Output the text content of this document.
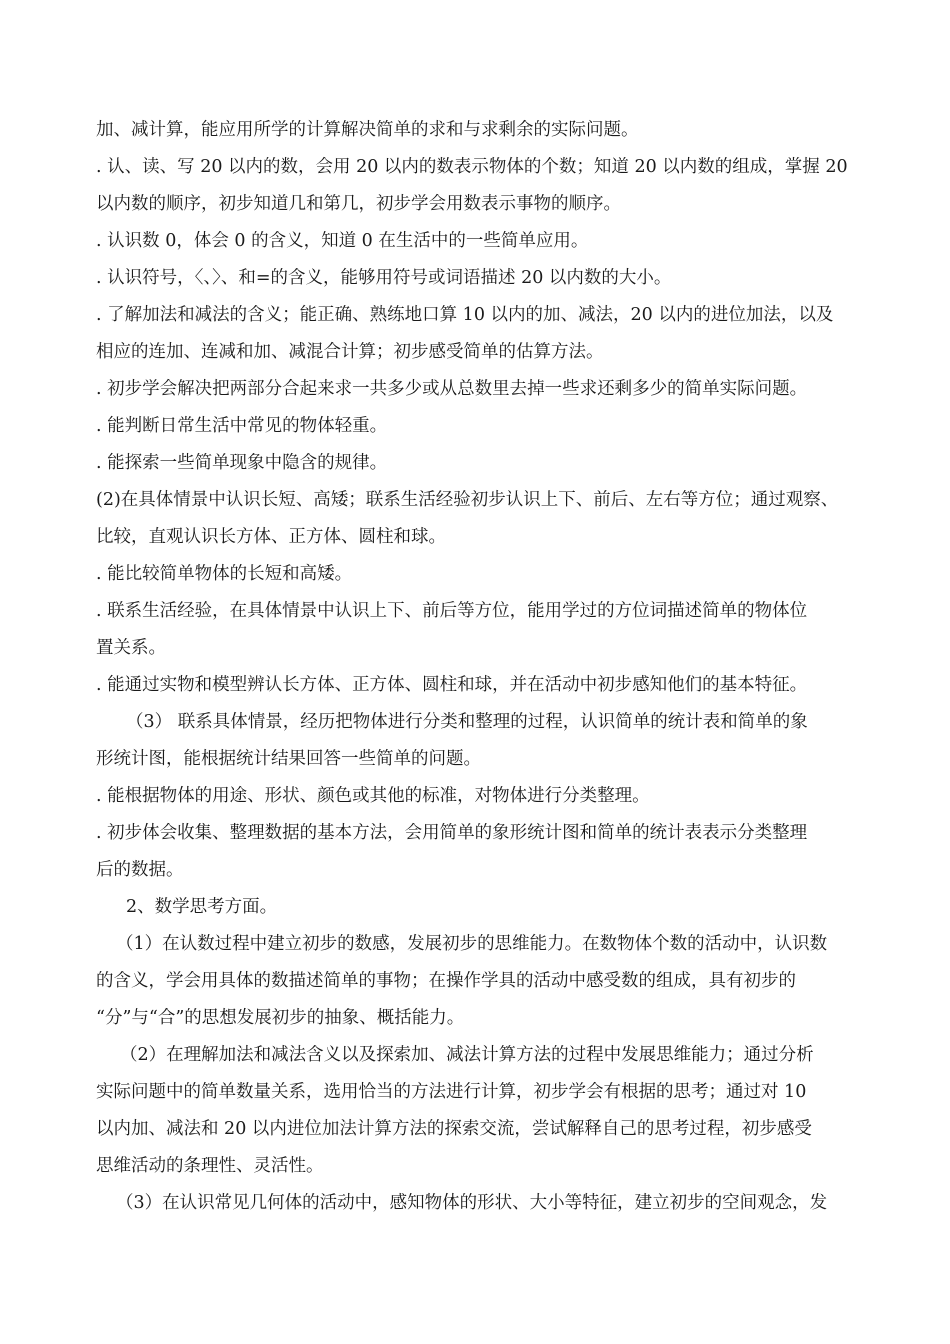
加、减计算，能应用所学的计算解决简单的求和与求剩余的实际问题。
. 认、读、写 20 以内的数，会用 20 以内的数表示物体的个数；知道 20 以内数的组成，掌握 20
以内数的顺序，初步知道几和第几，初步学会用数表示事物的顺序。
. 认识数 0，体会 0 的含义，知道 0 在生活中的一些简单应用。
. 认识符号，〈、〉、和=的含义，能够用符号或词语描述 20 以内数的大小。
. 了解加法和减法的含义；能正确、熟练地口算 10 以内的加、减法，20 以内的进位加法，以及
相应的连加、连减和加、减混合计算；初步感受简单的估算方法。
. 初步学会解决把两部分合起来求一共多少或从总数里去掉一些求还剩多少的简单实际问题。
. 能判断日常生活中常见的物体轻重。
. 能探索一些简单现象中隐含的规律。
(2)在具体情景中认识长短、高矮；联系生活经验初步认识上下、前后、左右等方位；通过观察、
比较，直观认识长方体、正方体、圆柱和球。
. 能比较简单物体的长短和高矮。
. 联系生活经验，在具体情景中认识上下、前后等方位，能用学过的方位词描述简单的物体位
置关系。
. 能通过实物和模型辨认长方体、正方体、圆柱和球，并在活动中初步感知他们的基本特征。
（3） 联系具体情景，经历把物体进行分类和整理的过程，认识简单的统计表和简单的象
形统计图，能根据统计结果回答一些简单的问题。
. 能根据物体的用途、形状、颜色或其他的标准，对物体进行分类整理。
. 初步体会收集、整理数据的基本方法，会用简单的象形统计图和简单的统计表表示分类整理
后的数据。
2、数学思考方面。
（1）在认数过程中建立初步的数感，发展初步的思维能力。在数物体个数的活动中，认识数
的含义，学会用具体的数描述简单的事物；在操作学具的活动中感受数的组成，具有初步的
“分”与“合”的思想发展初步的抽象、概括能力。
（2）在理解加法和减法含义以及探索加、减法计算方法的过程中发展思维能力；通过分析
实际问题中的简单数量关系，选用恰当的方法进行计算，初步学会有根据的思考；通过对 10
以内加、减法和 20 以内进位加法计算方法的探索交流，尝试解释自己的思考过程，初步感受
思维活动的条理性、灵活性。
（3）在认识常见几何体的活动中，感知物体的形状、大小等特征，建立初步的空间观念，发
